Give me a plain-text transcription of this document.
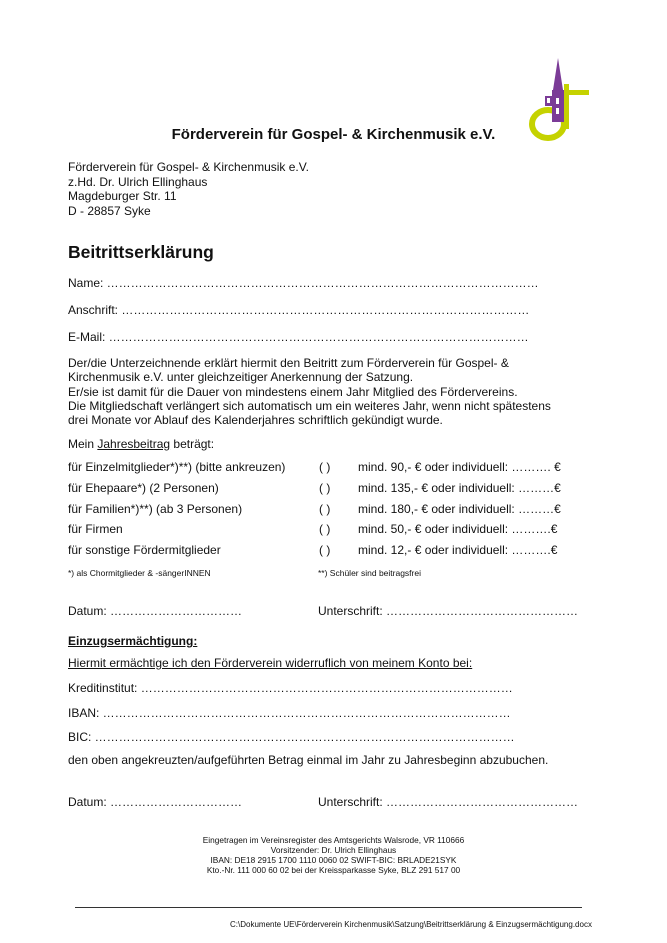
Förderverein für Gospel- & Kirchenmusik e.V.
Förderverein für Gospel- & Kirchenmusik e.V.
z.Hd. Dr. Ulrich Ellinghaus
Magdeburger Str. 11
D - 28857 Syke
Beitrittserklärung
Name: ………………………………………………………………………………………………
Anschrift: …………………………………………………………………………………………
E-Mail: ……………………………………………………………………………………………
Der/die Unterzeichnende erklärt hiermit den Beitritt zum Förderverein für Gospel- &
Kirchenmusik e.V. unter gleichzeitiger Anerkennung der Satzung.
Er/sie ist damit für die Dauer von mindestens einem Jahr Mitglied des Fördervereins.
Die Mitgliedschaft verlängert sich automatisch um ein weiteres Jahr, wenn nicht spätestens
drei Monate vor Ablauf des Kalenderjahres schriftlich gekündigt wurde.
Mein Jahresbeitrag beträgt:
für Einzelmitglieder*)**) (bitte ankreuzen)	( ) mind. 90,- € oder individuell: ………. €
für Ehepaare*) (2 Personen)	( ) mind. 135,- € oder individuell: ………€
für Familien*)**) (ab 3 Personen)	( ) mind. 180,- € oder individuell: ………€
für Firmen	( ) mind. 50,- € oder individuell: ……….€
für sonstige Fördermitglieder	( ) mind. 12,- € oder individuell: ……….€
*) als Chormitglieder & -sängerINNEN	**) Schüler sind beitragsfrei
Datum: ……………………………	Unterschrift: …………………………………………
Einzugsermächtigung:
Hiermit ermächtige ich den Förderverein widerruflich von meinem Konto bei:
Kreditinstitut: …………………………………………………………………………………
IBAN: …………………………………………………………………………………………
BIC: ……………………………………………………………………………………………
den oben angekreuzten/aufgeführten Betrag einmal im Jahr zu Jahresbeginn abzubuchen.
Datum: ……………………………	Unterschrift: …………………………………………
Eingetragen im Vereinsregister des Amtsgerichts Walsrode, VR 110666
Vorsitzender: Dr. Ulrich Ellinghaus
IBAN: DE18 2915 1700 1110 0060 02 SWIFT-BIC: BRLADE21SYK
Kto.-Nr. 111 000 60 02 bei der Kreissparkasse Syke, BLZ 291 517 00
C:\Dokumente UE\Förderverein Kirchenmusik\Satzung\Beitrittserklärung & Einzugsermächtigung.docx
